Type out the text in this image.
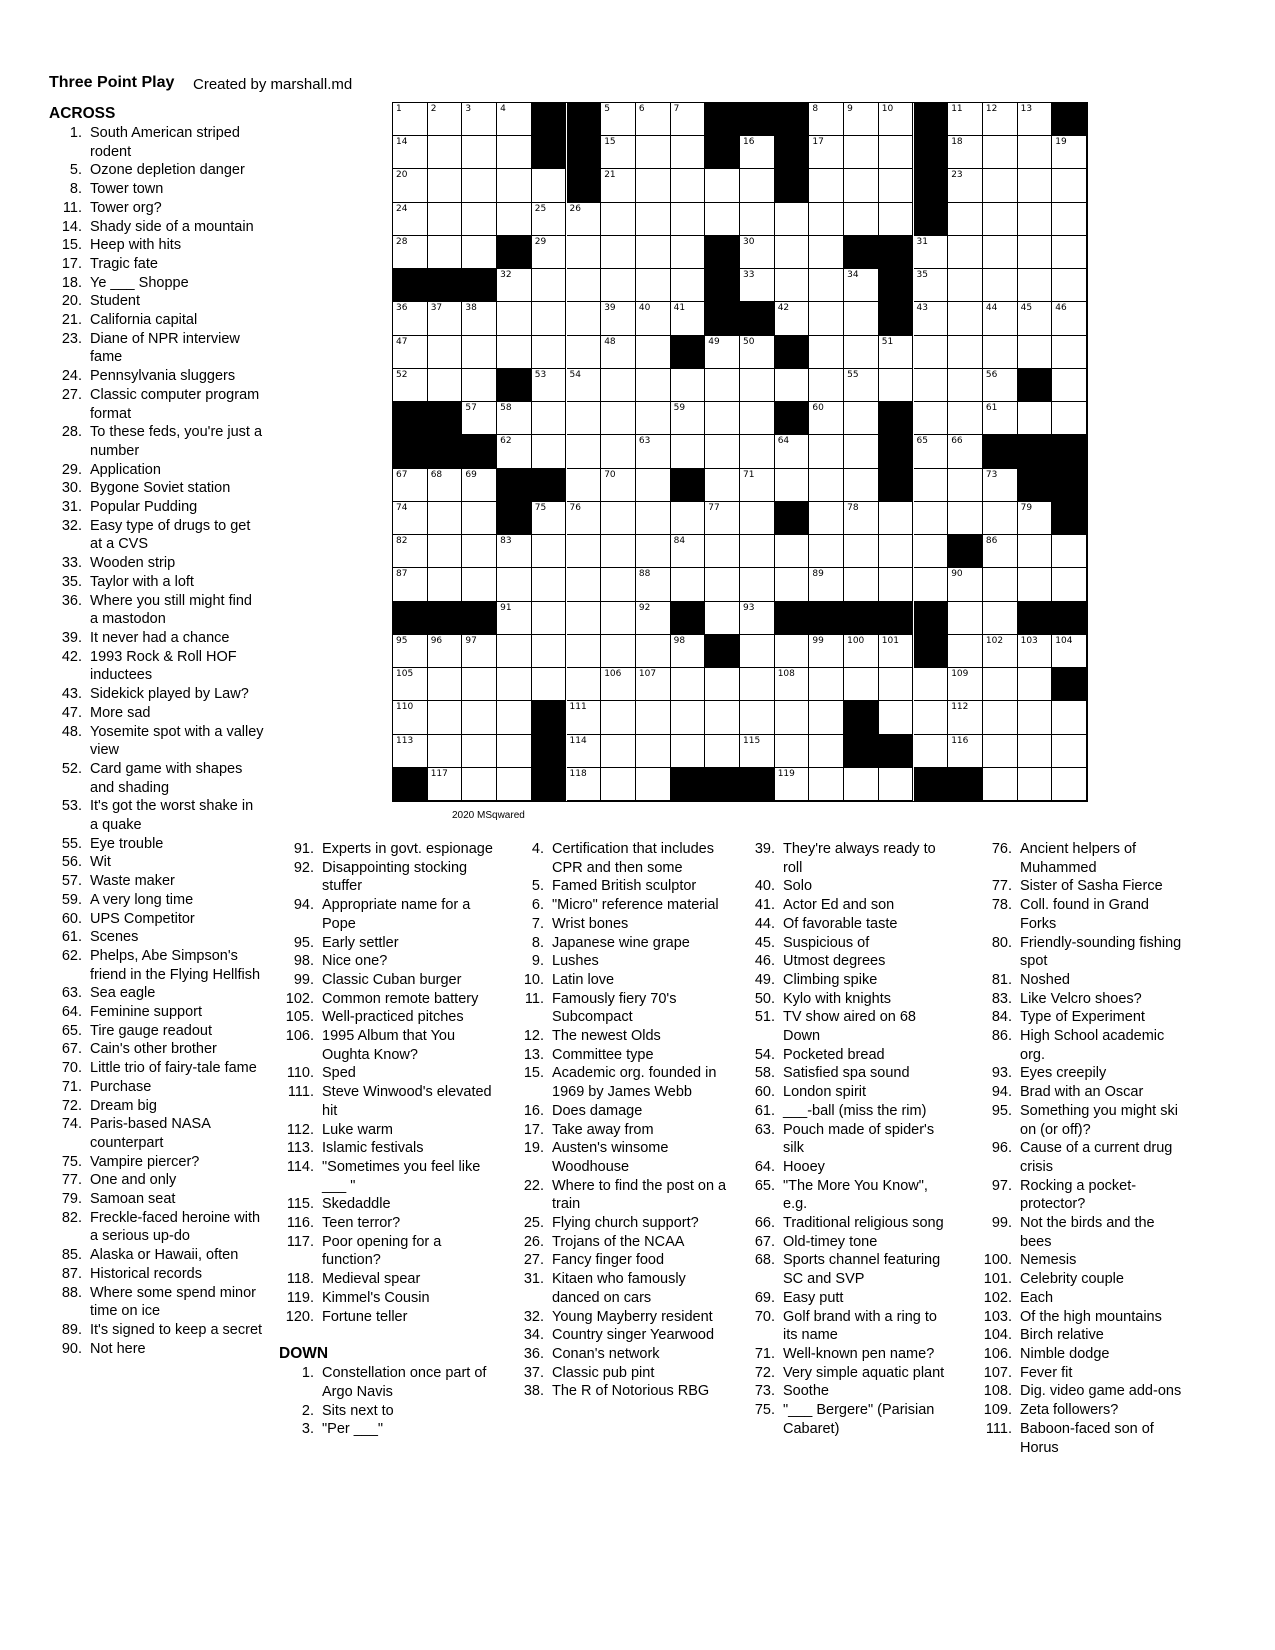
Three Point Play Created by marshall.md
1	2	3	4	5	6	7	8	9	10	11	12	13
14	15	16	17	18	19
20	21	22	23
24	25	26	27
28	29	30	31
32	33	34	35
36	37	38	39	40	41	42	43	44	45	46
47	48	49	50	51
52	53	54	55	56
57	58	59	60	61
62	63	64	65	66
67	68	69	70	71	72	73
74	75	76	77	78	79	80
82	83	84	85	86
87	88	89	90
91	92	93	94
95	96	97	98	99	100 101	102 103 104
105	106 107	108	109
110	111	112
113	114	115	116
117	118	119	120
2020 MSqwared
ACROSS
1. South American striped rodent
5. Ozone depletion danger
8. Tower town
11. Tower org?
14. Shady side of a mountain
15. Heep with hits
17. Tragic fate
18. Ye ___ Shoppe
20. Student
21. California capital
23. Diane of NPR interview fame
24. Pennsylvania sluggers
27. Classic computer program format
28. To these feds, you're just a number
29. Application
30. Bygone Soviet station
31. Popular Pudding
32. Easy type of drugs to get at a CVS
33. Wooden strip
35. Taylor with a loft
36. Where you still might find a mastodon
39. It never had a chance
42. 1993 Rock & Roll HOF inductees
43. Sidekick played by Law?
47. More sad
48. Yosemite spot with a valley view
52. Card game with shapes and shading
53. It's got the worst shake in a quake
55. Eye trouble
56. Wit
57. Waste maker
59. A very long time
60. UPS Competitor
61. Scenes
62. Phelps, Abe Simpson's friend in the Flying Hellfish
63. Sea eagle
64. Feminine support
65. Tire gauge readout
67. Cain's other brother
70. Little trio of fairy-tale fame
71. Purchase
72. Dream big
74. Paris-based NASA counterpart
75. Vampire piercer?
77. One and only
79. Samoan seat
82. Freckle-faced heroine with a serious up-do
85. Alaska or Hawaii, often
87. Historical records
88. Where some spend minor time on ice
89. It's signed to keep a secret
90. Not here
91. Experts in govt. espionage
92. Disappointing stocking stuffer
94. Appropriate name for a Pope
95. Early settler
98. Nice one?
99. Classic Cuban burger
102. Common remote battery
105. Well-practiced pitches
106. 1995 Album that You Oughta Know?
110. Sped
111. Steve Winwood's elevated hit
112. Luke warm
113. Islamic festivals
114. "Sometimes you feel like ___ "
115. Skedaddle
116. Teen terror?
117. Poor opening for a function?
118. Medieval spear
119. Kimmel's Cousin
120. Fortune teller
DOWN
1. Constellation once part of Argo Navis
2. Sits next to
3. "Per ___"
4. Certification that includes CPR and then some
5. Famed British sculptor
6. "Micro" reference material
7. Wrist bones
8. Japanese wine grape
9. Lushes
10. Latin love
11. Famously fiery 70's Subcompact
12. The newest Olds
13. Committee type
15. Academic org. founded in 1969 by James Webb
16. Does damage
17. Take away from
19. Austen's winsome Woodhouse
22. Where to find the post on a train
25. Flying church support?
26. Trojans of the NCAA
27. Fancy finger food
31. Kitaen who famously danced on cars
32. Young Mayberry resident
34. Country singer Yearwood
36. Conan's network
37. Classic pub pint
38. The R of Notorious RBG
39. They're always ready to roll
40. Solo
41. Actor Ed and son
44. Of favorable taste
45. Suspicious of
46. Utmost degrees
49. Climbing spike
50. Kylo with knights
51. TV show aired on 68 Down
54. Pocketed bread
58. Satisfied spa sound
60. London spirit
61. ___-ball (miss the rim)
63. Pouch made of spider's silk
64. Hooey
65. "The More You Know", e.g.
66. Traditional religious song
67. Old-timey tone
68. Sports channel featuring SC and SVP
69. Easy putt
70. Golf brand with a ring to its name
71. Well-known pen name?
72. Very simple aquatic plant
73. Soothe
75. "___ Bergere" (Parisian Cabaret)
76. Ancient helpers of Muhammed
77. Sister of Sasha Fierce
78. Coll. found in Grand Forks
80. Friendly-sounding fishing spot
81. Noshed
83. Like Velcro shoes?
84. Type of Experiment
86. High School academic org.
93. Eyes creepily
94. Brad with an Oscar
95. Something you might ski on (or off)?
96. Cause of a current drug crisis
97. Rocking a pocket-protector?
99. Not the birds and the bees
100. Nemesis
101. Celebrity couple
102. Each
103. Of the high mountains
104. Birch relative
106. Nimble dodge
107. Fever fit
108. Dig. video game add-ons
109. Zeta followers?
111. Baboon-faced son of Horus
